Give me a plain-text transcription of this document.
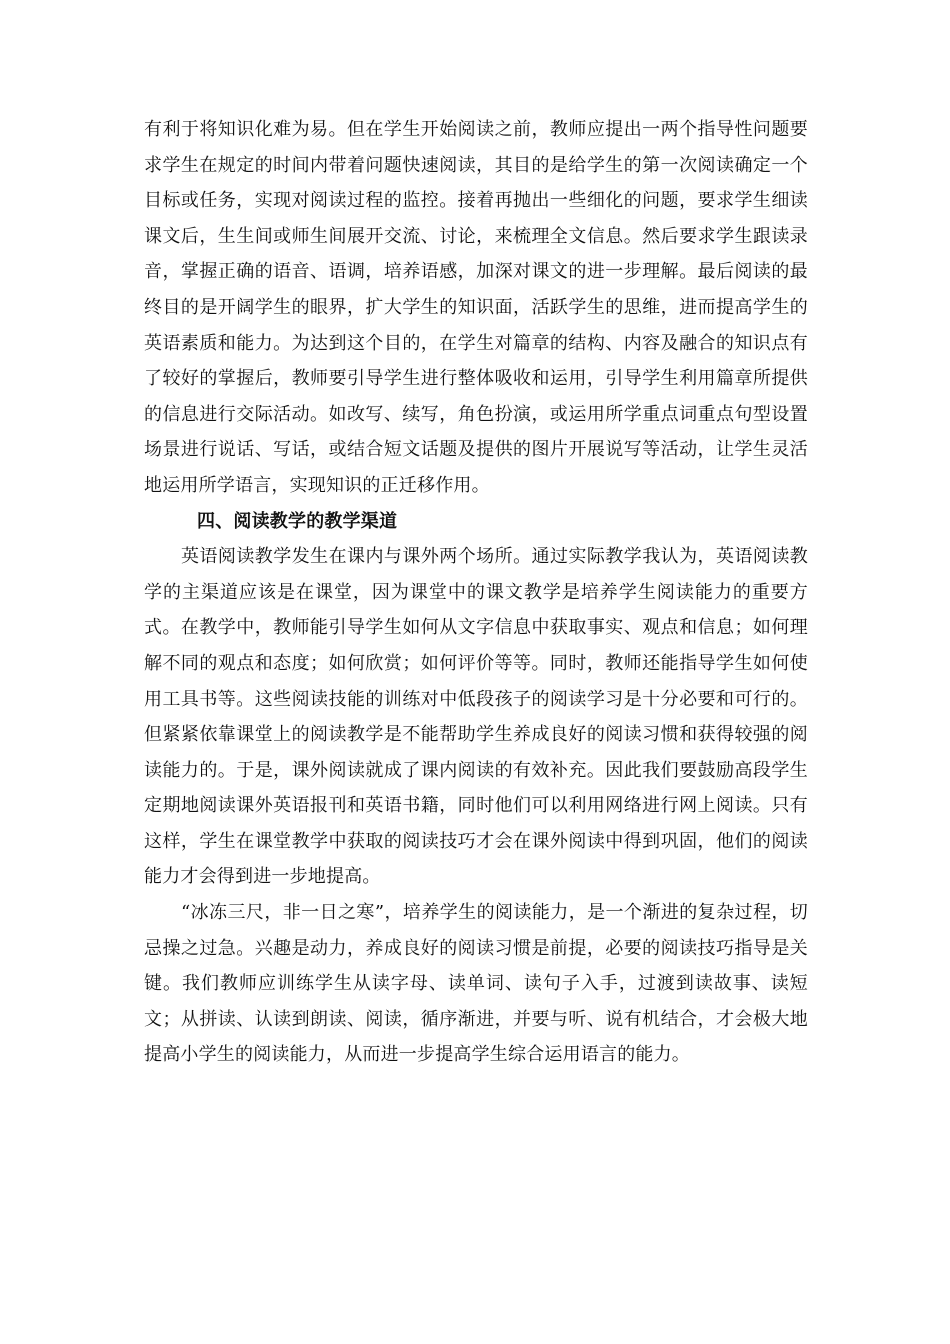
有利于将知识化难为易。但在学生开始阅读之前，教师应提出一两个指导性问题要求学生在规定的时间内带着问题快速阅读，其目的是给学生的第一次阅读确定一个目标或任务，实现对阅读过程的监控。接着再抛出一些细化的问题，要求学生细读课文后，生生间或师生间展开交流、讨论，来梳理全文信息。然后要求学生跟读录音，掌握正确的语音、语调，培养语感，加深对课文的进一步理解。最后阅读的最终目的是开阔学生的眼界，扩大学生的知识面，活跃学生的思维，进而提高学生的英语素质和能力。为达到这个目的，在学生对篇章的结构、内容及融合的知识点有了较好的掌握后，教师要引导学生进行整体吸收和运用，引导学生利用篇章所提供的信息进行交际活动。如改写、续写，角色扮演，或运用所学重点词重点句型设置场景进行说话、写话，或结合短文话题及提供的图片开展说写等活动，让学生灵活地运用所学语言，实现知识的正迁移作用。

四、阅读教学的教学渠道

英语阅读教学发生在课内与课外两个场所。通过实际教学我认为，英语阅读教学的主渠道应该是在课堂，因为课堂中的课文教学是培养学生阅读能力的重要方式。在教学中，教师能引导学生如何从文字信息中获取事实、观点和信息；如何理解不同的观点和态度；如何欣赏；如何评价等等。同时，教师还能指导学生如何使用工具书等。这些阅读技能的训练对中低段孩子的阅读学习是十分必要和可行的。但紧紧依靠课堂上的阅读教学是不能帮助学生养成良好的阅读习惯和获得较强的阅读能力的。于是，课外阅读就成了课内阅读的有效补充。因此我们要鼓励高段学生定期地阅读课外英语报刊和英语书籍，同时他们可以利用网络进行网上阅读。只有这样，学生在课堂教学中获取的阅读技巧才会在课外阅读中得到巩固，他们的阅读能力才会得到进一步地提高。

“冰冻三尺，非一日之寒”，培养学生的阅读能力，是一个渐进的复杂过程，切忌操之过急。兴趣是动力，养成良好的阅读习惯是前提，必要的阅读技巧指导是关键。我们教师应训练学生从读字母、读单词、读句子入手，过渡到读故事、读短文；从拼读、认读到朗读、阅读，循序渐进，并要与听、说有机结合，才会极大地提高小学生的阅读能力，从而进一步提高学生综合运用语言的能力。
